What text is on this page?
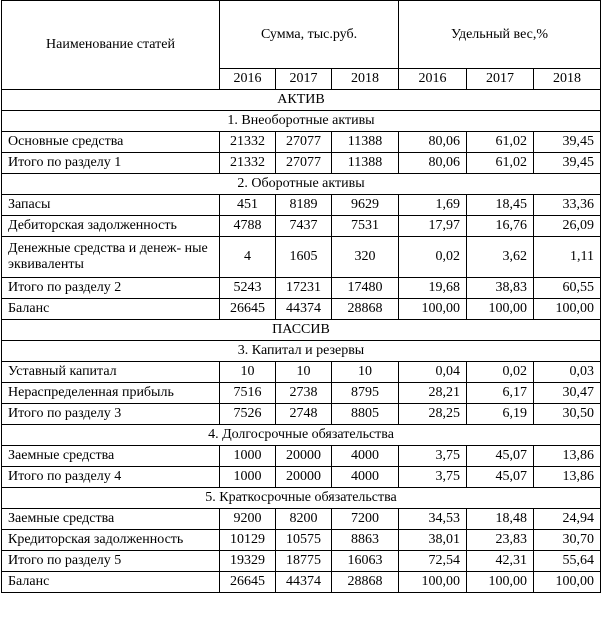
Наименование статей	Сумма, тыс.руб.			Удельный вес,%		
	2016	2017	2018	2016	2017	2018
АКТИВ						
1. Внеоборотные активы						
Основные средства	21332	27077	11388	80,06	61,02	39,45
Итого по разделу 1	21332	27077	11388	80,06	61,02	39,45
2. Оборотные активы						
Запасы	451	8189	9629	1,69	18,45	33,36
Дебиторская задолженность	4788	7437	7531	17,97	16,76	26,09
Денежные средства и денеж- ные эквиваленты	4	1605	320	0,02	3,62	1,11
Итого по разделу 2	5243	17231	17480	19,68	38,83	60,55
Баланс	26645	44374	28868	100,00	100,00	100,00
ПАССИВ						
3. Капитал и резервы						
Уставный капитал	10	10	10	0,04	0,02	0,03
Нераспределенная прибыль	7516	2738	8795	28,21	6,17	30,47
Итого по разделу 3	7526	2748	8805	28,25	6,19	30,50
4. Долгосрочные обязательства						
Заемные средства	1000	20000	4000	3,75	45,07	13,86
Итого по разделу 4	1000	20000	4000	3,75	45,07	13,86
5. Краткосрочные обязательства						
Заемные средства	9200	8200	7200	34,53	18,48	24,94
Кредиторская задолженность	10129	10575	8863	38,01	23,83	30,70
Итого по разделу 5	19329	18775	16063	72,54	42,31	55,64
Баланс	26645	44374	28868	100,00	100,00	100,00
